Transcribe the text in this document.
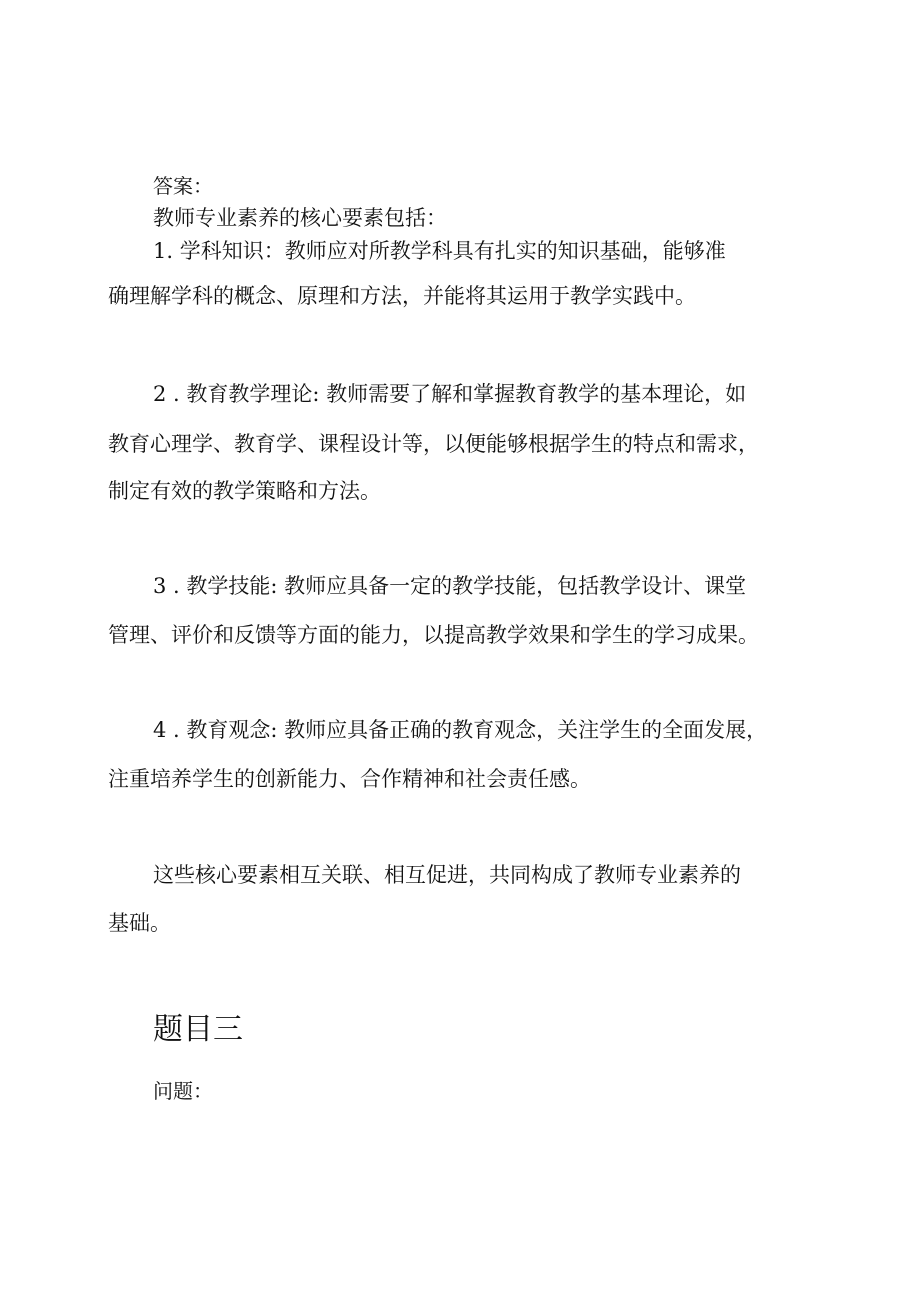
答案：

教师专业素养的核心要素包括：

1. 学科知识：教师应对所教学科具有扎实的知识基础，能够准

确理解学科的概念、原理和方法，并能将其运用于教学实践中。

2 . 教育教学理论: 教师需要了解和掌握教育教学的基本理论，如

教育心理学、教育学、课程设计等，以便能够根据学生的特点和需求，

制定有效的教学策略和方法。

3 . 教学技能: 教师应具备一定的教学技能，包括教学设计、课堂

管理、评价和反馈等方面的能力，以提高教学效果和学生的学习成果。

4 . 教育观念: 教师应具备正确的教育观念，关注学生的全面发展，

注重培养学生的创新能力、合作精神和社会责任感。

这些核心要素相互关联、相互促进，共同构成了教师专业素养的

基础。

题目三

问题：
